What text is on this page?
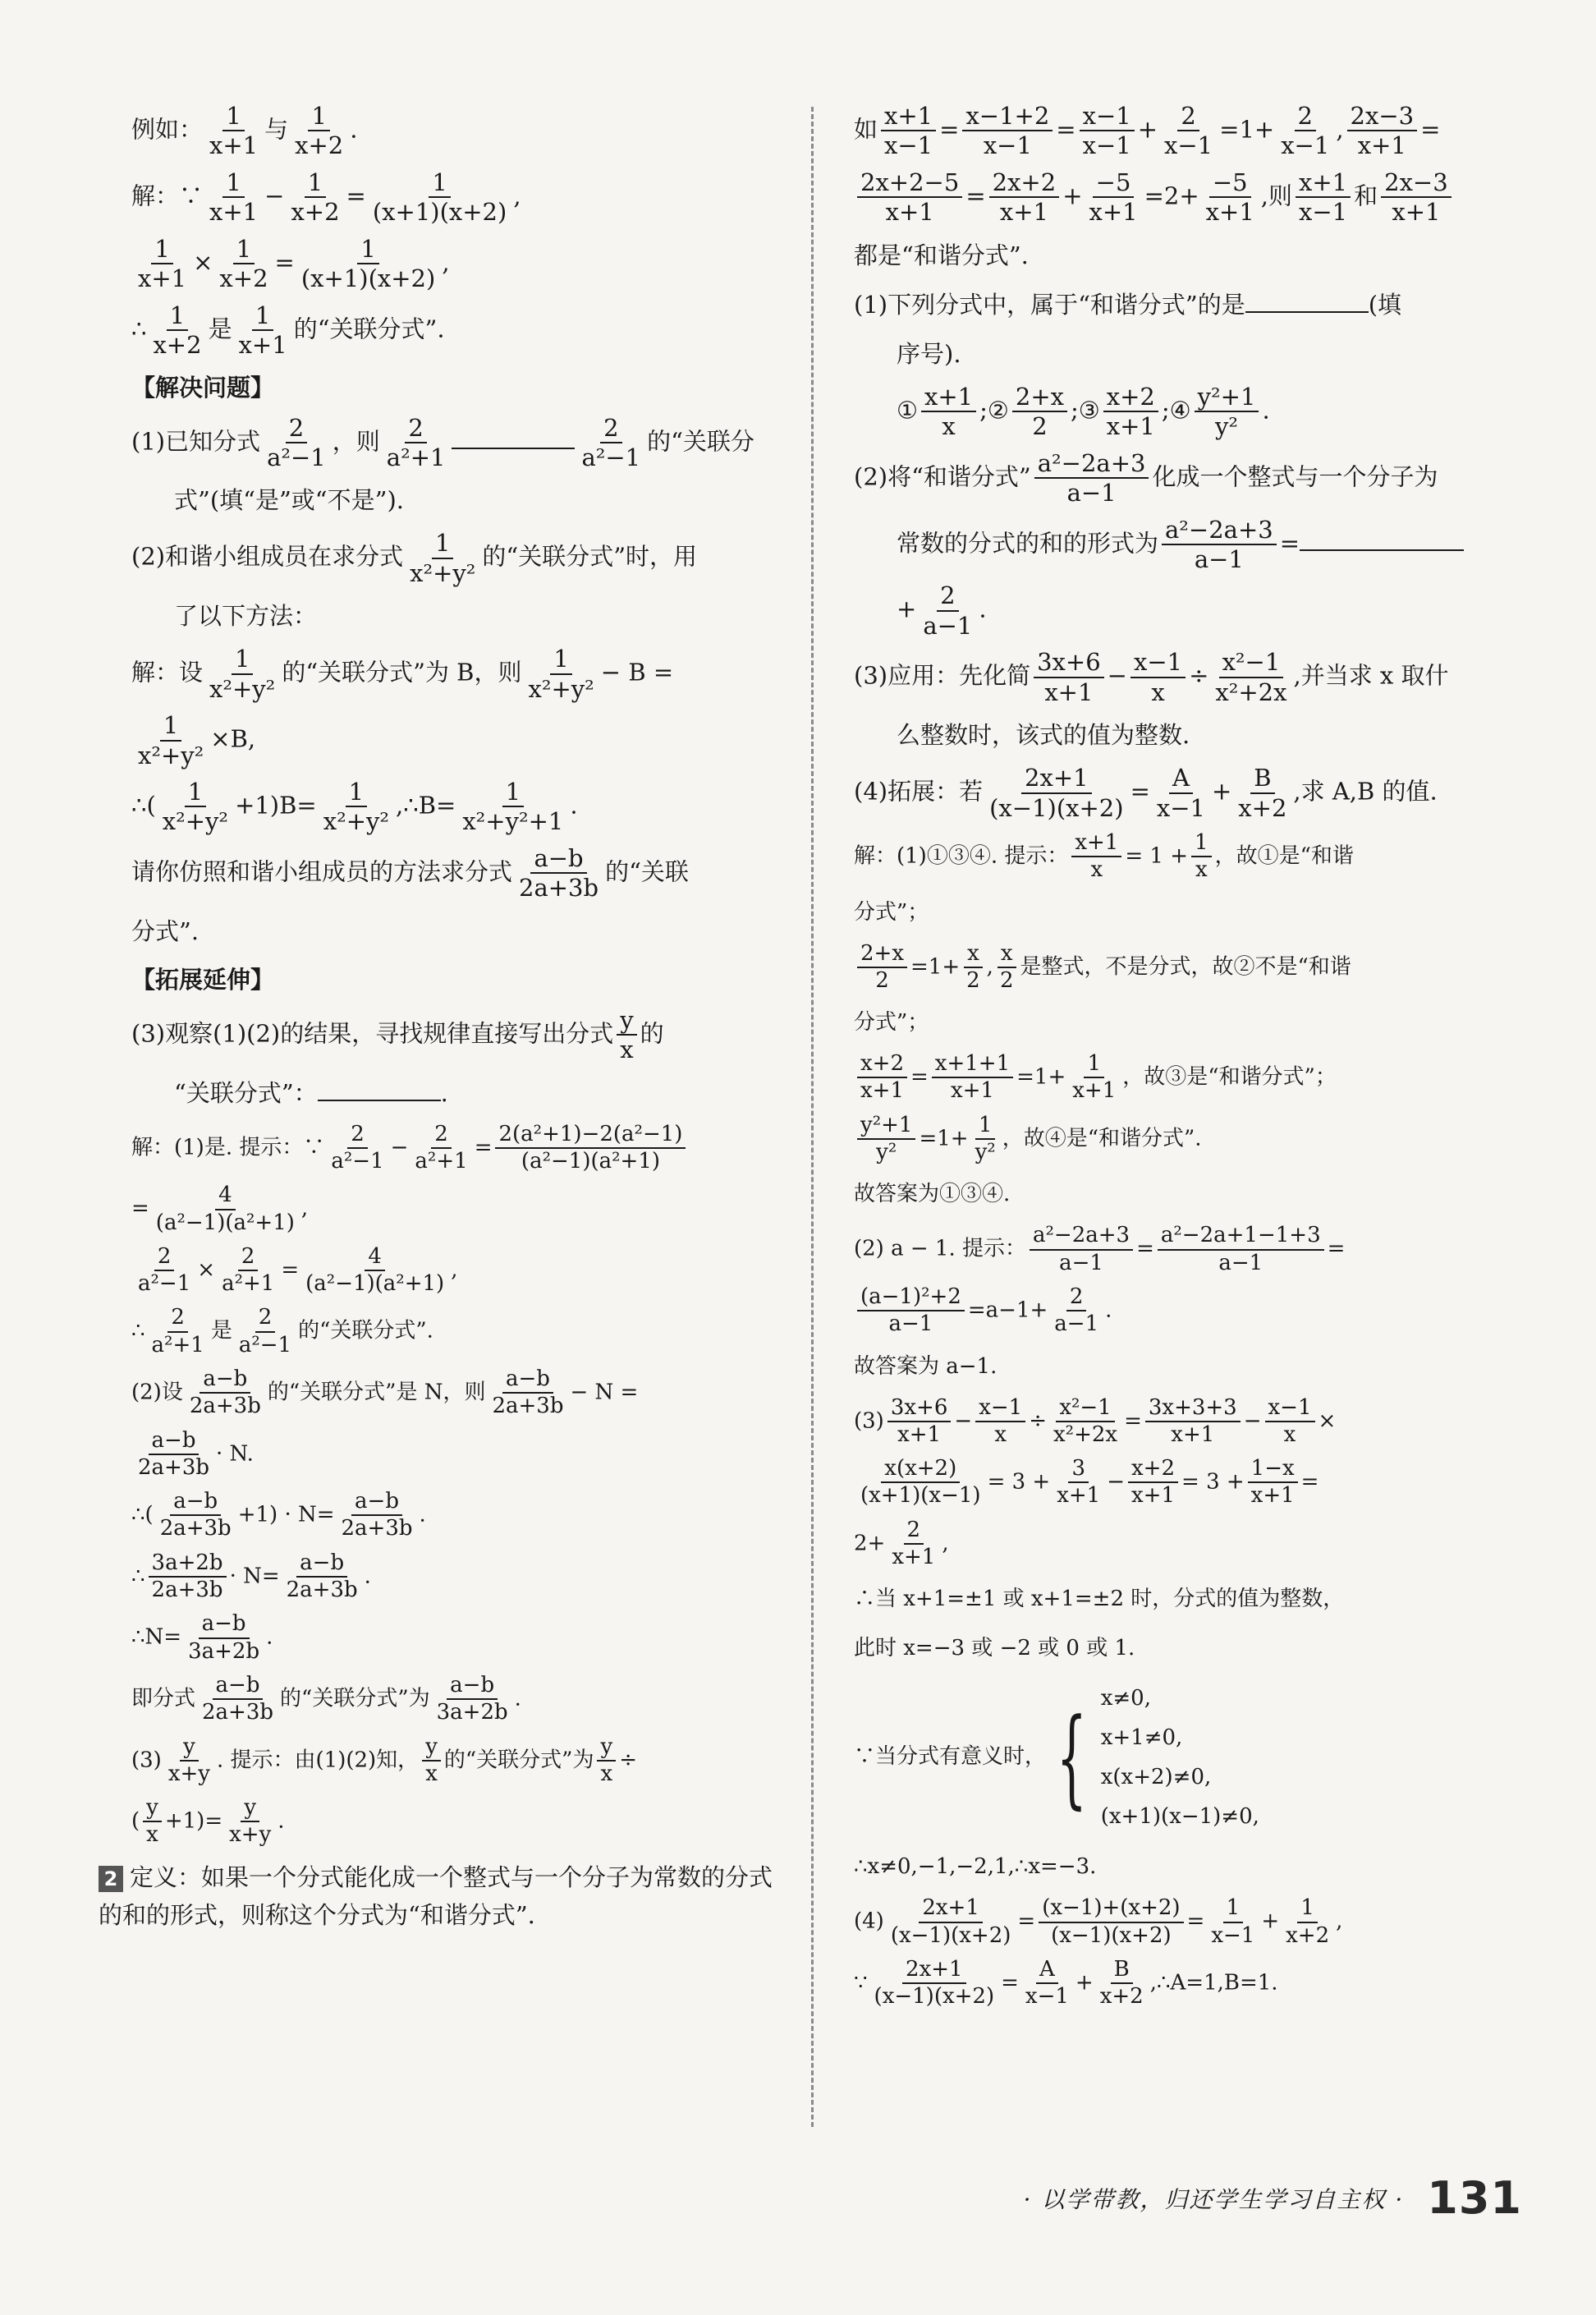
例如： $\frac{1}{x+1}$ 与 $\frac{1}{x+2}$ .
解：∵ $\frac{1}{x+1} - \frac{1}{x+2} = \frac{1}{(x+1)(x+2)}$ ,
$\frac{1}{x+1} \times \frac{1}{x+2} = \frac{1}{(x+1)(x+2)}$ ,
∴ $\frac{1}{x+2}$ 是 $\frac{1}{x+1}$ 的“关联分式”.
【解决问题】
(1)已知分式 $\frac{2}{\text{a²−1}}$ ，则 $\frac{2}{\text{a²+1}}$	$\frac{2}{\text{a²−1}}$ 的“关联分
式”(填“是”或“不是”).
(2)和谐小组成员在求分式 $\frac{1}{\text{x²+y²}}$ 的“关联分式”时，用
了以下方法：
解：设 $\frac{1}{\text{x²+y²}}$ 的“关联分式”为 B，则 $\frac{1}{\text{x²+y²}} - B$ =
$\frac{1}{\text{x²+y²}} \times B$,
∴( $\frac{1}{\text{x²+y²}} +1)B= \frac{1}{\text{x²+y²}}$ ,∴B= $\frac{1}{\text{x²+y²+1}}$ .
请你仿照和谐小组成员的方法求分式 $\frac{a-b}{2a+3b}$ 的“关联
分式”.
【拓展延伸】
(3)观察(1)(2)的结果，寻找规律直接写出分式 $\frac{y}{x}$ 的
“关联分式”：	.
解：(1)是. 提示：∵ $\frac{2}{\text{a²−1}} - \frac{2}{\text{a²+1}} = \frac{\text{2(a²+1)−2(a²−1)}}{\text{(a²−1)(a²+1)}}$
= $\frac{4}{\text{(a²−1)(a²+1)}}$ ,
$\frac{2}{\text{a²−1}} \times \frac{2}{\text{a²+1}} = \frac{4}{\text{(a²−1)(a²+1)}}$ ,
∴ $\frac{2}{\text{a²+1}}$ 是 $\frac{2}{\text{a²−1}}$ 的“关联分式”.
(2)设 $\frac{a-b}{2a+3b}$ 的“关联分式”是 N，则 $\frac{a-b}{2a+3b} - N$ =
$\frac{a-b}{2a+3b} \cdot N$.
∴( $\frac{a-b}{2a+3b} +1) \cdot N= \frac{a-b}{2a+3b}$ .
∴ $\frac{3a+2b}{2a+3b} \cdot N= \frac{a-b}{2a+3b}$ .
∴N= $\frac{a-b}{3a+2b}$ .
即分式 $\frac{a-b}{2a+3b}$ 的“关联分式”为 $\frac{a-b}{3a+2b}$ .
$(3) \frac{y}{x+y}$ . 提示：由(1)(2)知， $\frac{y}{x}$ 的“关联分式”为 $\frac{y}{x}$ ÷
( $\frac{y}{x} +1)= \frac{y}{x+y}$ .
2 定义：如果一个分式能化成一个整式与一个分子为常数的分式的和的形式，则称这个分式为“和谐分式”.
如 $\frac{x+1}{x-1} = \frac{x-1+2}{x-1} = \frac{x-1}{x-1} + \frac{2}{x-1} =1+ \frac{2}{x-1}$ , $\frac{2x-3}{x+1}$ =
$\frac{2x+2-5}{x+1} = \frac{2x+2}{x+1} + \frac{-5}{x+1} =2+ \frac{-5}{x+1}$ ,则 $\frac{x+1}{x-1}$ 和 $\frac{2x-3}{x+1}$
都是“和谐分式”.
(1)下列分式中，属于“和谐分式”的是	(填
序号).
① $\frac{x+1}{x}$ ;② $\frac{2+x}{2}$ ;③ $\frac{x+2}{x+1}$ ;④ $\frac{\text{y²+1}}{\text{y²}}$ .
(2)将“和谐分式” $\frac{\text{a²−2a+3}}{a-1}$ 化成一个整式与一个分子为
常数的分式的和的形式为 $\frac{\text{a²−2a+3}}{a-1}$ =
+ $\frac{2}{a-1}$ .
(3)应用：先化简 $\frac{3x+6}{x+1} - \frac{x-1}{x} \div \frac{\text{x²−1}}{\text{x²+2x}}$ ,并当求 x 取什
么整数时，该式的值为整数.
(4)拓展：若 $\frac{2x+1}{(x-1)(x+2)} = \frac{A}{x-1} + \frac{B}{x+2}$ ,求 A,B 的值.
解：(1)①③④. 提示： $\frac{x+1}{x} = 1 + \frac{1}{x}$ ，故①是“和谐
分式”；
$\frac{2+x}{2} =1+ \frac{x}{2}$ , $\frac{x}{2}$ 是整式，不是分式，故②不是“和谐
分式”；
$\frac{x+2}{x+1} = \frac{x+1+1}{x+1} =1+ \frac{1}{x+1}$ ，故③是“和谐分式”；
$\frac{\text{y²+1}}{\text{y²}} =1+ \frac{1}{\text{y²}}$ ，故④是“和谐分式”.
故答案为①③④.
(2) a − 1. 提示： $\frac{\text{a²−2a+3}}{a-1} = \frac{\text{a²−2a+1−1+3}}{a-1}$ =
$\frac{\text{(a−1)²+2}}{a-1} =a-1+ \frac{2}{a-1}$ .
故答案为 a−1.
$(3) \frac{3x+6}{x+1} - \frac{x-1}{x} \div \frac{\text{x²−1}}{\text{x²+2x}} = \frac{3x+3+3}{x+1} - \frac{x-1}{x}$ ×
$\frac{x(x+2)}{(x+1)(x-1)} = 3 + \frac{3}{x+1} - \frac{x+2}{x+1} = 3 + \frac{1-x}{x+1}$ =
$2+ \frac{2}{x+1}$ ,
∴当 x+1=±1 或 x+1=±2 时，分式的值为整数，
此时 x=−3 或 −2 或 0 或 1.
∵当分式有意义时， { x≠0,
x+1≠0,
x(x+2)≠0,
(x+1)(x−1)≠0,
∴x≠0,−1,−2,1,∴x=−3.
$(4) \frac{2x+1}{(x-1)(x+2)} = \frac{(x-1)+(x+2)}{(x-1)(x+2)} = \frac{1}{x-1} + \frac{1}{x+2}$ ,
∵ $\frac{2x+1}{(x-1)(x+2)} = \frac{A}{x-1} + \frac{B}{x+2}$ ,∴A=1,B=1.
· 以学带教，归还学生学习自主权 · 131
